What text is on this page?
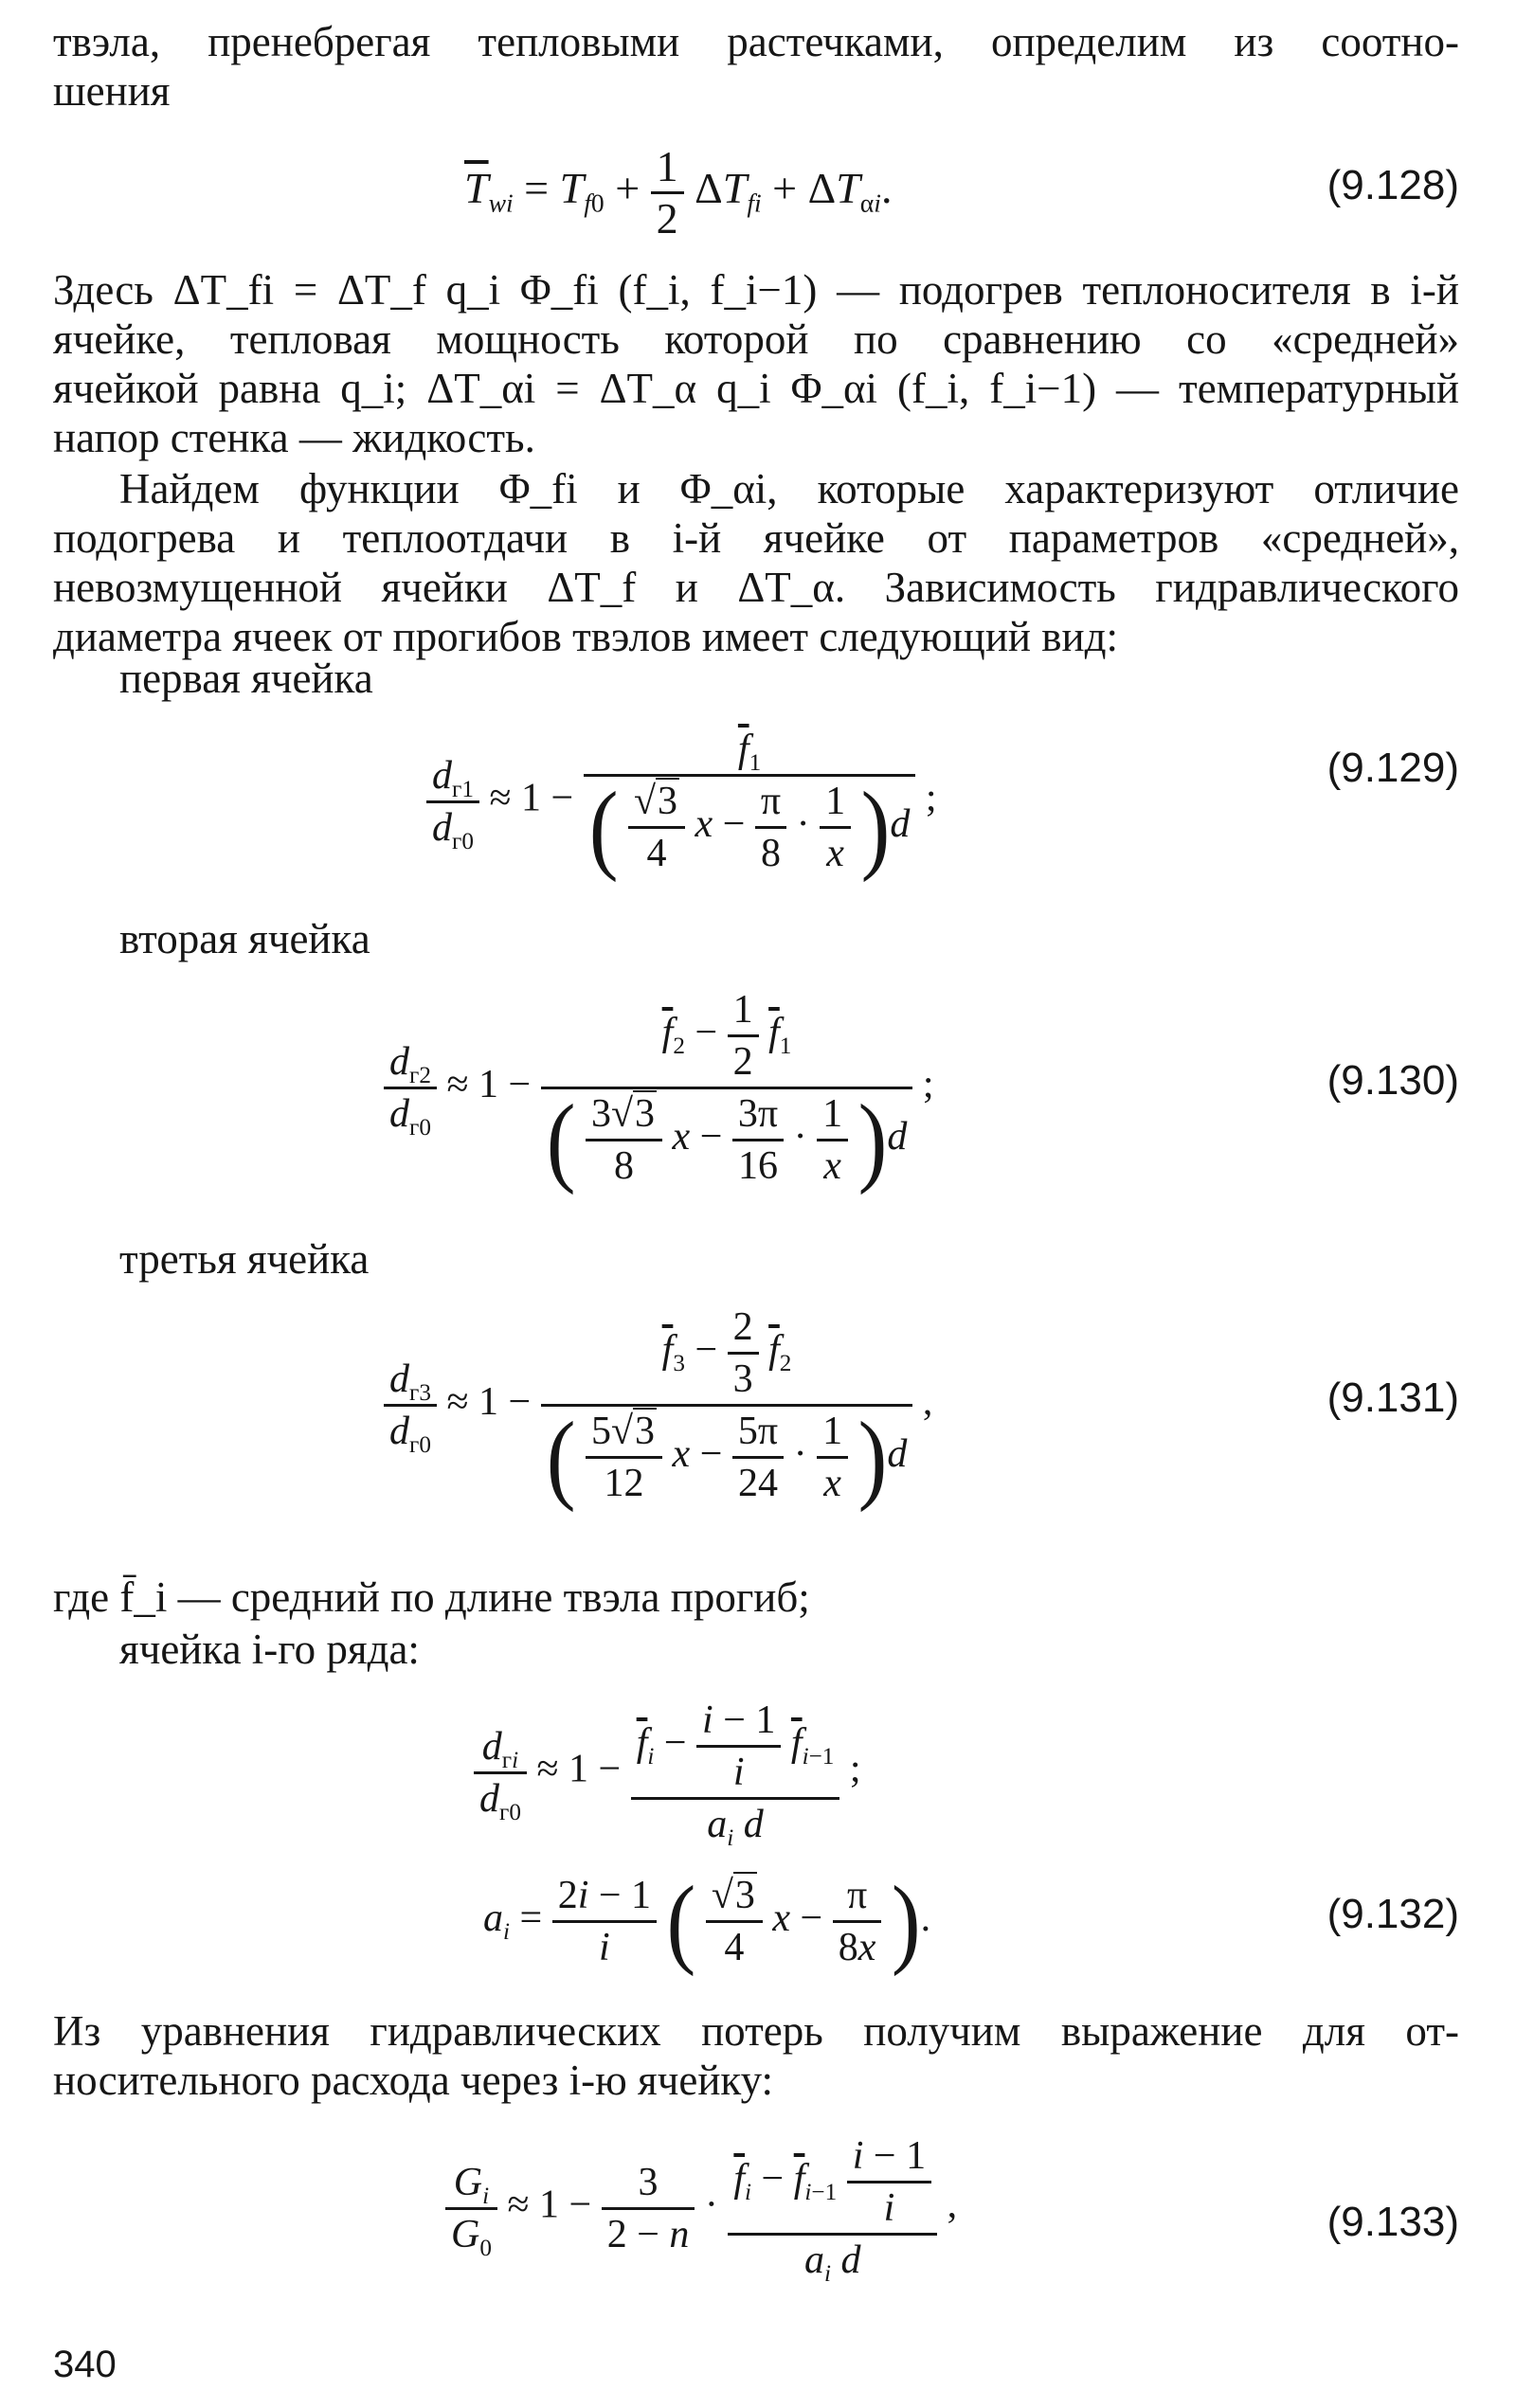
твэла, пренебрегая тепловыми растечками, определим из соотно-
шения
$\overline{T}_{wi} = T_{f0} + \frac{1}{2} \Delta T_{fi} + \Delta T_{\alpha i}$.	(9.128)
Здесь ΔT_fi = ΔT_f q_i Φ_fi (f_i, f_i−1) — подогрев теплоносителя в i-й
ячейке, тепловая мощность которой по сравнению со «средней»
ячейкой равна q_i; ΔT_αi = ΔT_α q_i Φ_αi (f_i, f_i−1) — температурный
напор стенка — жидкость.
Найдем функции Φ_fi и Φ_αi, которые характеризуют отличие
подогрева и теплоотдачи в i-й ячейке от параметров «средней»,
невозмущенной ячейки ΔT_f и ΔT_α. Зависимость гидравлического
диаметра ячеек от прогибов твэлов имеет следующий вид:
первая ячейка
$\frac{d_{г1}}{d_{г0}} \approx 1 - \frac{\overline{f}_1}{( \frac{√3}{4} x - \frac{\pi}{8} \cdot \frac{1}{x} )d}$ ;
(9.129)
вторая ячейка
$\frac{d_{г2}}{d_{г0}} \approx 1$ −
$\overline{f}_2 - \frac{1}{2} \overline{f}_1$
( $\frac{3√3}{8}$ $x - \frac{3\pi}{16} \cdot \frac{1}{x} )d$
;	(9.130)
третья ячейка
$\frac{d_{г3}}{d_{г0}} \approx 1$ −
$\overline{f}_3 - \frac{2}{3} \overline{f}_2$
( $\frac{5√3}{12}$ $x - \frac{5\pi}{24} \cdot \frac{1}{x} )d$
,	(9.131)
где f̄_i — средний по длине твэла прогиб;
ячейка i-го ряда:
$\frac{d_{гi}}{d_{г0}} \approx 1 - \frac{\overline{f}_i - \frac{i - 1}{i} \overline{f}_{i-1}}{a_i d}$ ;
$a_i = \frac{2i - 1}{i}$ ( $\frac{√3}{4}$ $x - \frac{\pi}{8x}$ ).	(9.132)
Из уравнения гидравлических потерь получим выражение для от-
носительного расхода через i-ю ячейку:
$\frac{G_i}{G_0} \approx 1 - \frac{3}{2 - n} \cdot \frac{\overline{f}_i - \overline{f}_{i-1} \frac{i - 1}{i}}{a_i d}$ ,	(9.133)
340
